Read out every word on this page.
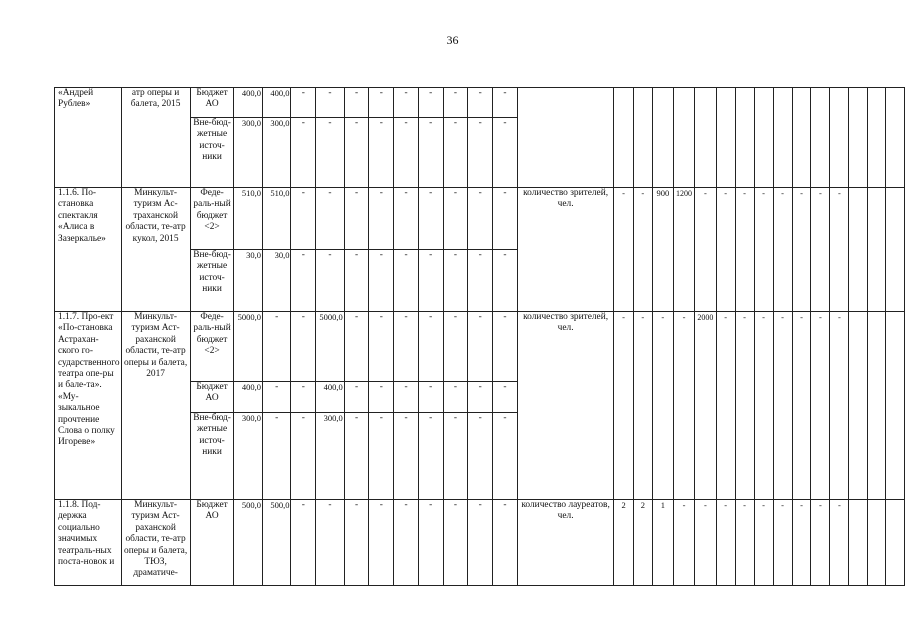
36
«Андрей Рублев»	атр оперы и балета, 2015	Бюджет АО	400,0	400,0	-	-	-	-	-	-	-	-	-																
		Вне-бюд-жетные источ-ники	300,0	300,0	-	-	-	-	-	-	-	-	-																
1.1.6. По-становка спектакля «Алиса в Зазеркалье»	Минкульт-туризм Ас-траханской области, те-атр кукол, 2015	Феде-раль-ный бюджет <2>	510,0	510,0	-	-	-	-	-	-	-	-	-	количество зрителей, чел.	-	-	900	1200	-	-	-	-	-	-	-	-			
		Вне-бюд-жетные источ-ники	30,0	30,0	-	-	-	-	-	-	-	-	-																
1.1.7. Про-ект «По-становка Астрахан-ского го-сударственного театра опе-ры и бале-та». «Му-зыкальное прочтение Слова о полку Игореве»	Минкульт-туризм Аст-раханской области, те-атр оперы и балета, 2017	Феде-раль-ный бюджет <2>	5000,0	-	-	5000,0	-	-	-	-	-	-	-	количество зрителей, чел.	-	-	-	-	2000	-	-	-	-	-	-	-			
		Бюджет АО	400,0	-	-	400,0	-	-	-	-	-	-	-																
		Вне-бюд-жетные источ-ники	300,0	-	-	300,0	-	-	-	-	-	-	-																
1.1.8. Под-держка социально значимых театраль-ных поста-новок и	Минкульт-туризм Аст-раханской области, те-атр оперы и балета, ТЮЗ, драматиче-	Бюджет АО	500,0	500,0	-	-	-	-	-	-	-	-	-	количество лауреатов, чел.	2	2	1	-	-	-	-	-	-	-	-	-			
